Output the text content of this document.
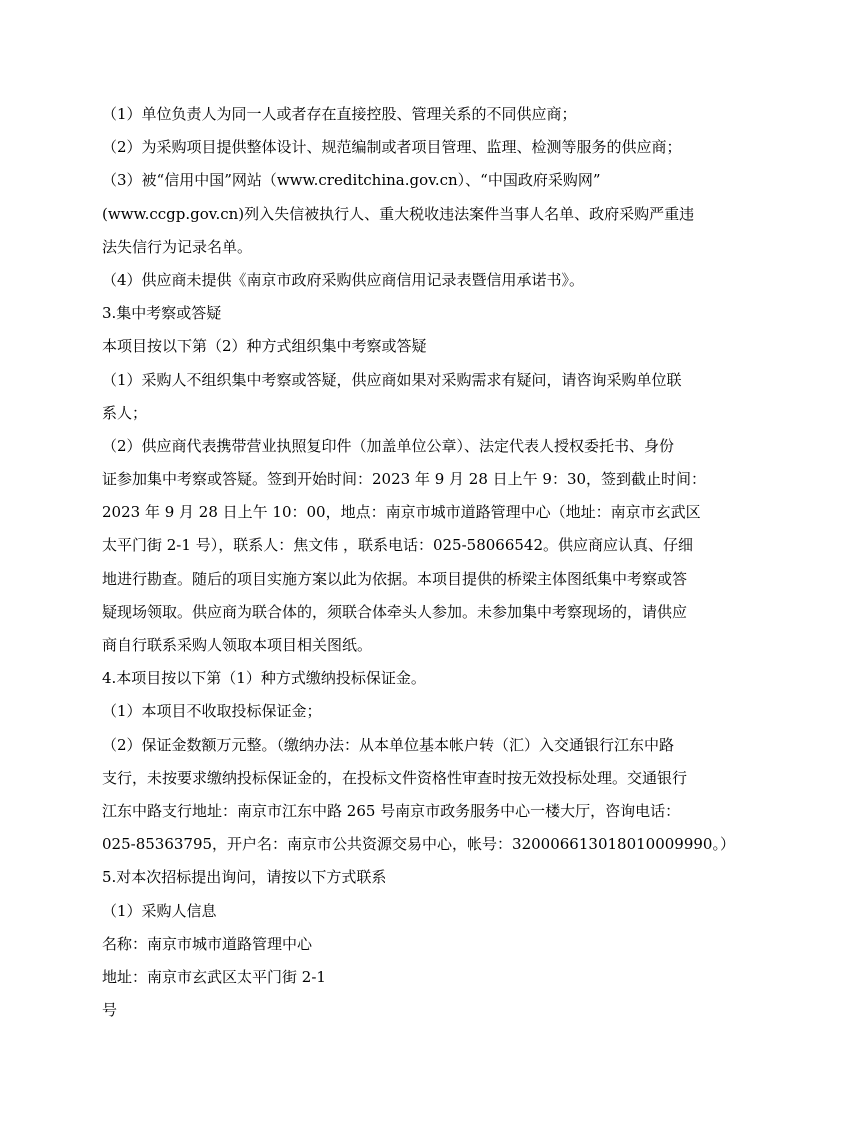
（1）单位负责人为同一人或者存在直接控股、管理关系的不同供应商；
（2）为采购项目提供整体设计、规范编制或者项目管理、监理、检测等服务的供应商；
（3）被“信用中国”网站（www.creditchina.gov.cn）、“中国政府采购网”
(www.ccgp.gov.cn)列入失信被执行人、重大税收违法案件当事人名单、政府采购严重违
法失信行为记录名单。
（4）供应商未提供《南京市政府采购供应商信用记录表暨信用承诺书》。
3.集中考察或答疑
本项目按以下第（2）种方式组织集中考察或答疑
（1）采购人不组织集中考察或答疑，供应商如果对采购需求有疑问，请咨询采购单位联
系人；
（2）供应商代表携带营业执照复印件（加盖单位公章）、法定代表人授权委托书、身份
证参加集中考察或答疑。签到开始时间：2023 年 9 月 28 日上午 9：30，签到截止时间：
2023 年 9 月 28 日上午 10：00，地点：南京市城市道路管理中心（地址：南京市玄武区
太平门街 2-1 号），联系人：焦文伟 ，联系电话：025-58066542。供应商应认真、仔细
地进行勘查。随后的项目实施方案以此为依据。本项目提供的桥梁主体图纸集中考察或答
疑现场领取。供应商为联合体的，须联合体牵头人参加。未参加集中考察现场的，请供应
商自行联系采购人领取本项目相关图纸。
4.本项目按以下第（1）种方式缴纳投标保证金。
（1）本项目不收取投标保证金；
（2）保证金数额万元整。（缴纳办法：从本单位基本帐户转（汇）入交通银行江东中路
支行，未按要求缴纳投标保证金的，在投标文件资格性审查时按无效投标处理。交通银行
江东中路支行地址：南京市江东中路 265 号南京市政务服务中心一楼大厅，咨询电话：
025-85363795，开户名：南京市公共资源交易中心，帐号：32000661301801000999​0。）
5.对本次招标提出询问，请按以下方式联系
（1）采购人信息
名称：南京市城市道路管理中心
地址：南京市玄武区太平门街 2-1
号
